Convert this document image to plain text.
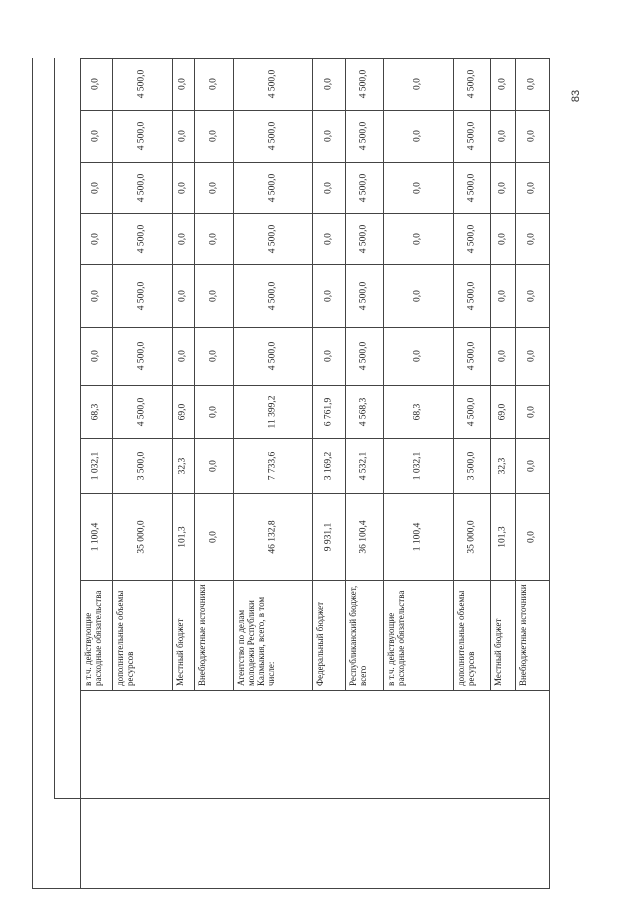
83
в т.ч. действующие расходные обязательства
1 100,4
1 032,1
68,3
0,0
0,0
0,0
0,0
0,0
0,0
дополнительные объемы ресурсов
35 000,0
3 500,0
4 500,0
4 500,0
4 500,0
4 500,0
4 500,0
4 500,0
4 500,0
Местный бюджет
101,3
32,3
69,0
0,0
0,0
0,0
0,0
0,0
0,0
Внебюджетные источники
0,0
0,0
0,0
0,0
0,0
0,0
0,0
0,0
0,0
Агентство по делам молодежи Республики Калмыкия, всего, в том числе:
46 132,8
7 733,6
11 399,2
4 500,0
4 500,0
4 500,0
4 500,0
4 500,0
4 500,0
Федеральный бюджет
9 931,1
3 169,2
6 761,9
0,0
0,0
0,0
0,0
0,0
0,0
Республиканский бюджет, всего
36 100,4
4 532,1
4 568,3
4 500,0
4 500,0
4 500,0
4 500,0
4 500,0
4 500,0
в т.ч. действующие расходные обязательства
1 100,4
1 032,1
68,3
0,0
0,0
0,0
0,0
0,0
0,0
дополнительные объемы ресурсов
35 000,0
3 500,0
4 500,0
4 500,0
4 500,0
4 500,0
4 500,0
4 500,0
4 500,0
Местный бюджет
101,3
32,3
69,0
0,0
0,0
0,0
0,0
0,0
0,0
Внебюджетные источники
0,0
0,0
0,0
0,0
0,0
0,0
0,0
0,0
0,0
